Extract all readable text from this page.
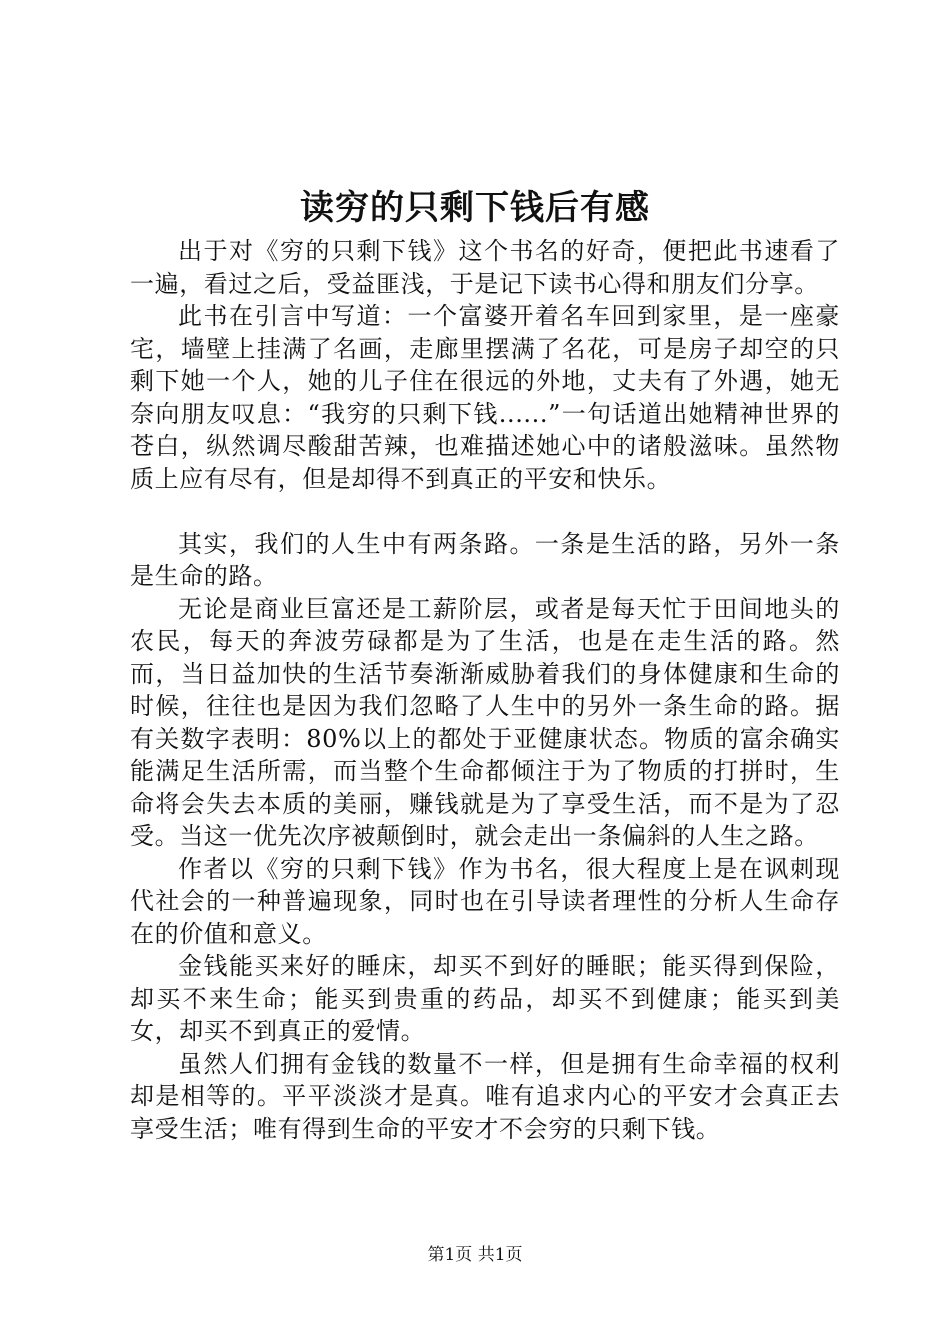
读穷的只剩下钱后有感

出于对《穷的只剩下钱》这个书名的好奇，便把此书速看了一遍，看过之后，受益匪浅，于是记下读书心得和朋友们分享。

此书在引言中写道：一个富婆开着名车回到家里，是一座豪宅，墙壁上挂满了名画，走廊里摆满了名花，可是房子却空的只剩下她一个人，她的儿子住在很远的外地，丈夫有了外遇，她无奈向朋友叹息：“我穷的只剩下钱......”一句话道出她精神世界的苍白，纵然调尽酸甜苦辣，也难描述她心中的诸般滋味。虽然物质上应有尽有，但是却得不到真正的平安和快乐。

其实，我们的人生中有两条路。一条是生活的路，另外一条是生命的路。

无论是商业巨富还是工薪阶层，或者是每天忙于田间地头的农民，每天的奔波劳碌都是为了生活，也是在走生活的路。然而，当日益加快的生活节奏渐渐威胁着我们的身体健康和生命的时候，往往也是因为我们忽略了人生中的另外一条生命的路。据有关数字表明：80%以上的都处于亚健康状态。物质的富余确实能满足生活所需，而当整个生命都倾注于为了物质的打拼时，生命将会失去本质的美丽，赚钱就是为了享受生活，而不是为了忍受。当这一优先次序被颠倒时，就会走出一条偏斜的人生之路。

作者以《穷的只剩下钱》作为书名，很大程度上是在讽刺现代社会的一种普遍现象，同时也在引导读者理性的分析人生命存在的价值和意义。

金钱能买来好的睡床，却买不到好的睡眠；能买得到保险，却买不来生命；能买到贵重的药品，却买不到健康；能买到美女，却买不到真正的爱情。

虽然人们拥有金钱的数量不一样，但是拥有生命幸福的权利却是相等的。平平淡淡才是真。唯有追求内心的平安才会真正去享受生活；唯有得到生命的平安才不会穷的只剩下钱。

第1页 共1页
